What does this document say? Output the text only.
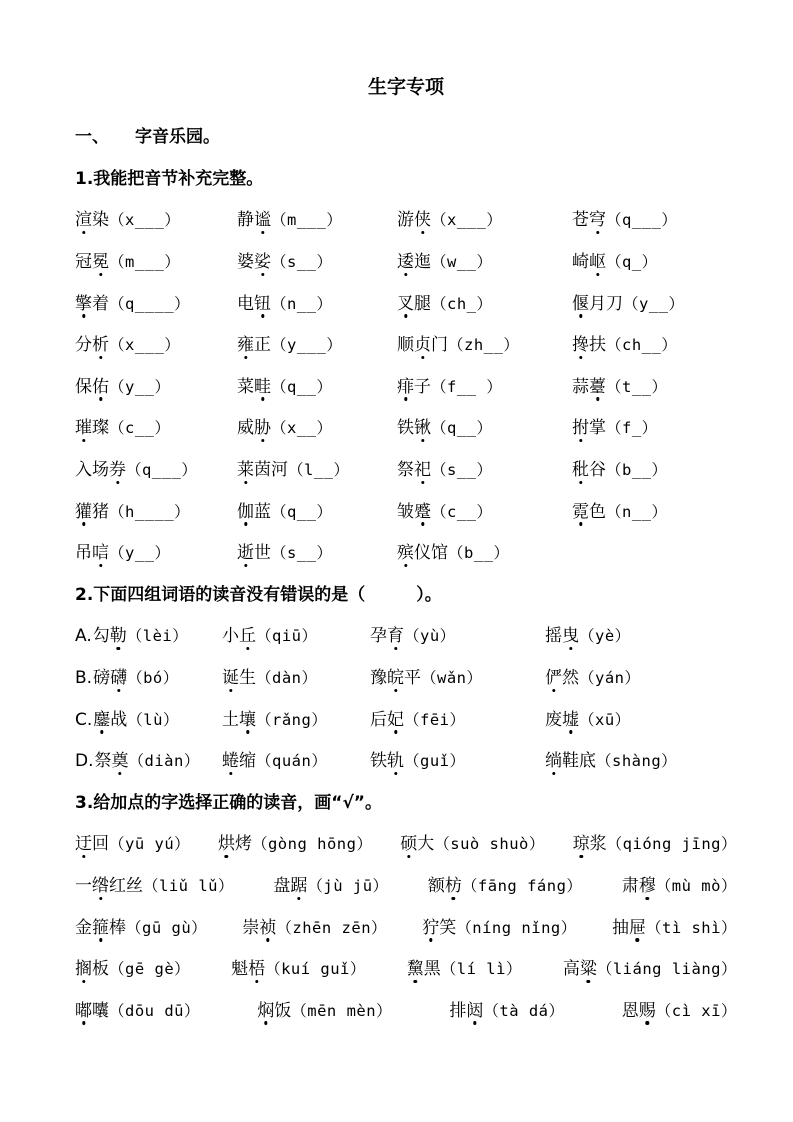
生字专项
一、 字音乐园。
1.我能把音节补充完整。
渲染（x___）	静谧（m___）	游侠（x___）	苍穹（q___）
冠冕（m___）	婆娑（s__）	逶迤（w__）	崎岖（q_）
擎着（q____）	电钮（n__）	叉腿（ch_）	偃月刀（y__）
分析（x___）	雍正（y___）	顺贞门（zh__）	搀扶（ch__）
保佑（y__）	菜畦（q__）	痱子（f__ ）	蒜薹（t__）
璀璨（c__）	威胁（x__）	铁锹（q__）	拊掌（f_）
入场券（q___）	莱茵河（l__）	祭祀（s__）	秕谷（b__）
獾猪（h____）	伽蓝（q__）	皱蹙（c__）	霓色（n__）
吊唁（y__）	逝世（s__）	殡仪馆（b__）
2.下面四组词语的读音没有错误的是（　　　）。
A.勾勒（lèi）	小丘（qiū）	孕育（yù）	摇曳（yè）
B.磅礴（bó）	诞生（dàn）	豫皖平（wǎn）	俨然（yán）
C.鏖战（lù）	土壤（rǎng）	后妃（fēi）	废墟（xū）
D.祭奠（diàn）	蜷缩（quán）	铁轨（guǐ）	绱鞋底（shàng）
3.给加点的字选择正确的读音，画“√”。
迂回（yū yú） 烘烤（gòng hōng） 硕大（suò shuò） 琼浆（qióng jīng）
一绺红丝（liǔ lǔ） 盘踞（jù jū） 额枋（fāng fáng） 肃穆（mù mò）
金箍棒（gū gù） 崇祯（zhēn zēn） 狞笑（níng nǐng） 抽屉（tì shì）
搁板（gē gè） 魁梧（kuí guǐ） 黧黑（lí lì） 高粱（liáng liàng）
嘟囔（dōu dū）	焖饭（mēn mèn）	排闼（tà dá）	恩赐（cì xī）
